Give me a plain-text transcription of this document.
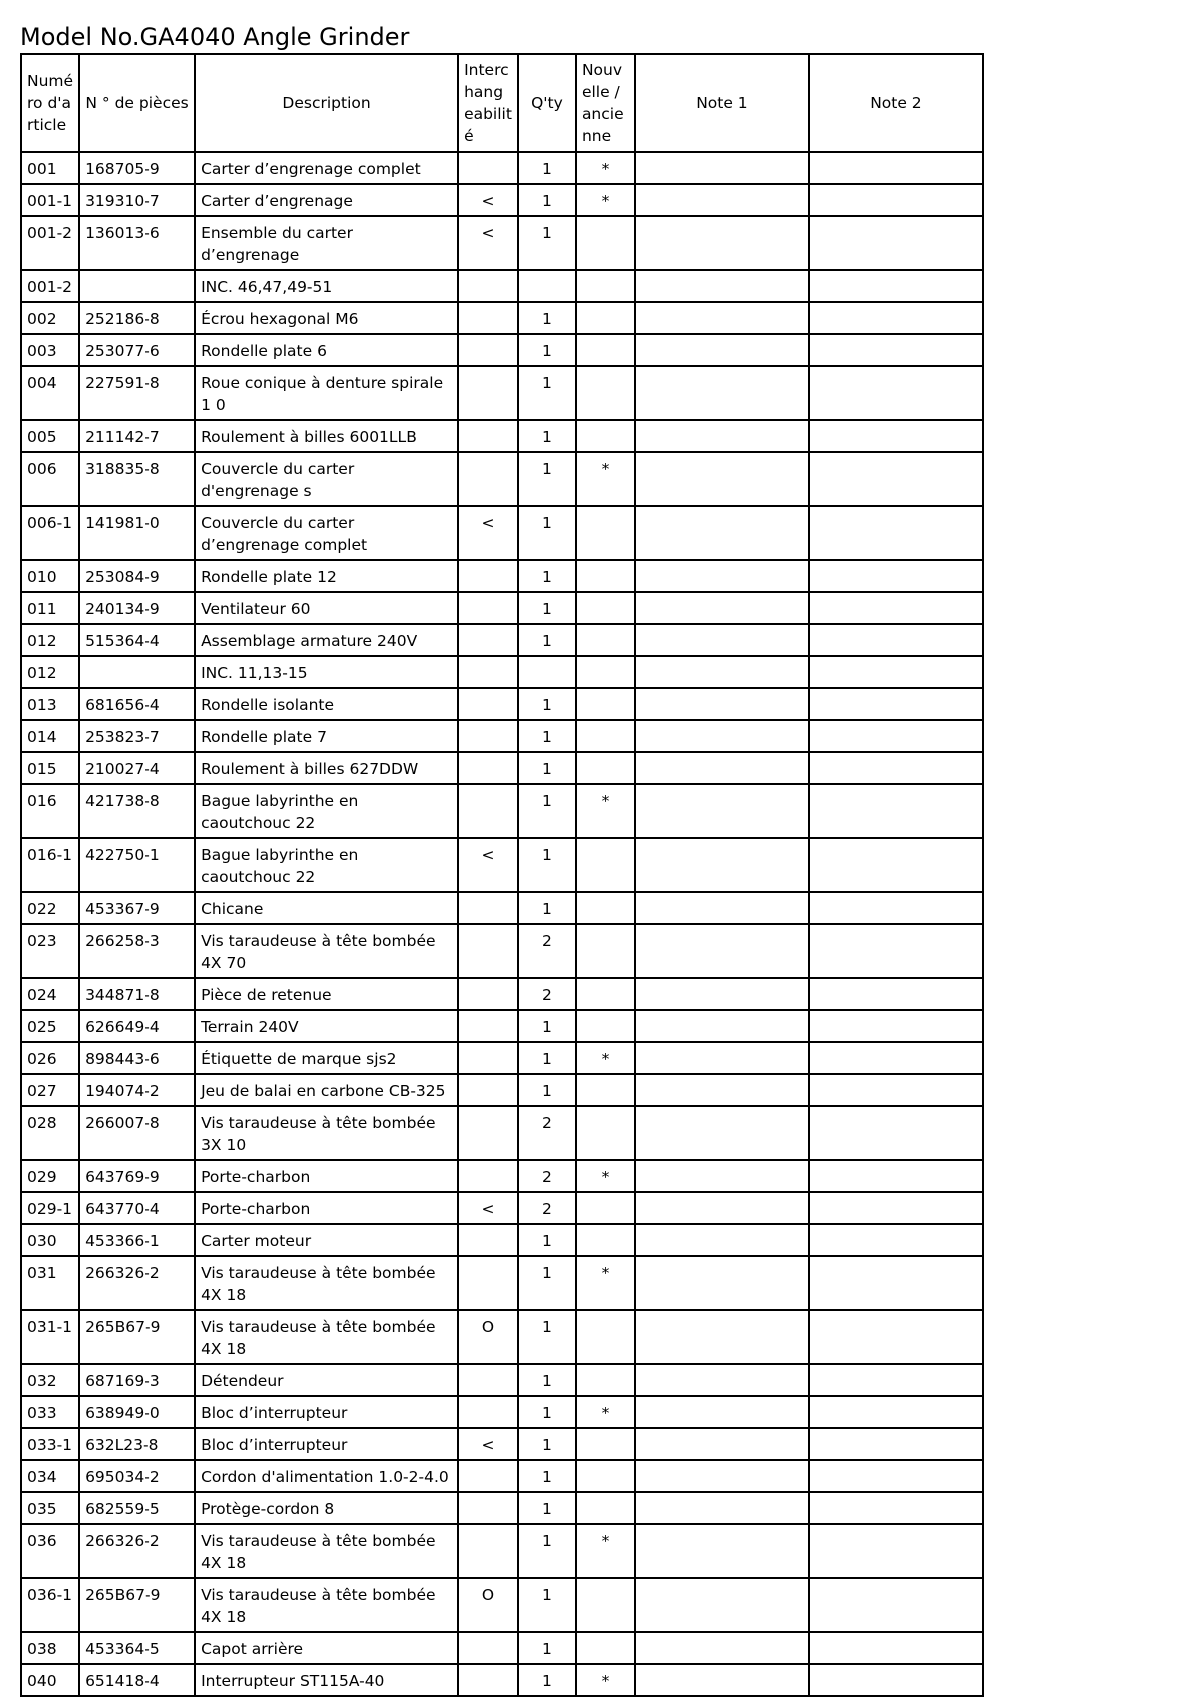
Model No.GA4040 Angle Grinder
Numé ro d'a rticle	N ° de pièces	Description	Interc hang eabilit é	Q'ty	Nouv elle / ancie nne	Note 1	Note 2
001	168705-9	Carter d’engrenage complet		1	*		
001-1	319310-7	Carter d’engrenage	<	1	*		
001-2	136013-6	Ensemble du carter d’engrenage	<	1			
001-2		INC. 46,47,49-51					
002	252186-8	Écrou hexagonal M6		1			
003	253077-6	Rondelle plate 6		1			
004	227591-8	Roue conique à denture spirale 1 0		1			
005	211142-7	Roulement à billes 6001LLB		1			
006	318835-8	Couvercle du carter d'engrenage s		1	*		
006-1	141981-0	Couvercle du carter d’engrenage complet	<	1			
010	253084-9	Rondelle plate 12		1			
011	240134-9	Ventilateur 60		1			
012	515364-4	Assemblage armature 240V		1			
012		INC. 11,13-15					
013	681656-4	Rondelle isolante		1			
014	253823-7	Rondelle plate 7		1			
015	210027-4	Roulement à billes 627DDW		1			
016	421738-8	Bague labyrinthe en caoutchouc 22		1	*		
016-1	422750-1	Bague labyrinthe en caoutchouc 22	<	1			
022	453367-9	Chicane		1			
023	266258-3	Vis taraudeuse à tête bombée 4X 70		2			
024	344871-8	Pièce de retenue		2			
025	626649-4	Terrain 240V		1			
026	898443-6	Étiquette de marque sjs2		1	*		
027	194074-2	Jeu de balai en carbone CB-325		1			
028	266007-8	Vis taraudeuse à tête bombée 3X 10		2			
029	643769-9	Porte-charbon		2	*		
029-1	643770-4	Porte-charbon	<	2			
030	453366-1	Carter moteur		1			
031	266326-2	Vis taraudeuse à tête bombée 4X 18		1	*		
031-1	265B67-9	Vis taraudeuse à tête bombée 4X 18	O	1			
032	687169-3	Détendeur		1			
033	638949-0	Bloc d’interrupteur		1	*		
033-1	632L23-8	Bloc d’interrupteur	<	1			
034	695034-2	Cordon d'alimentation 1.0-2-4.0		1			
035	682559-5	Protège-cordon 8		1			
036	266326-2	Vis taraudeuse à tête bombée 4X 18		1	*		
036-1	265B67-9	Vis taraudeuse à tête bombée 4X 18	O	1			
038	453364-5	Capot arrière		1			
040	651418-4	Interrupteur ST115A-40		1	*		
